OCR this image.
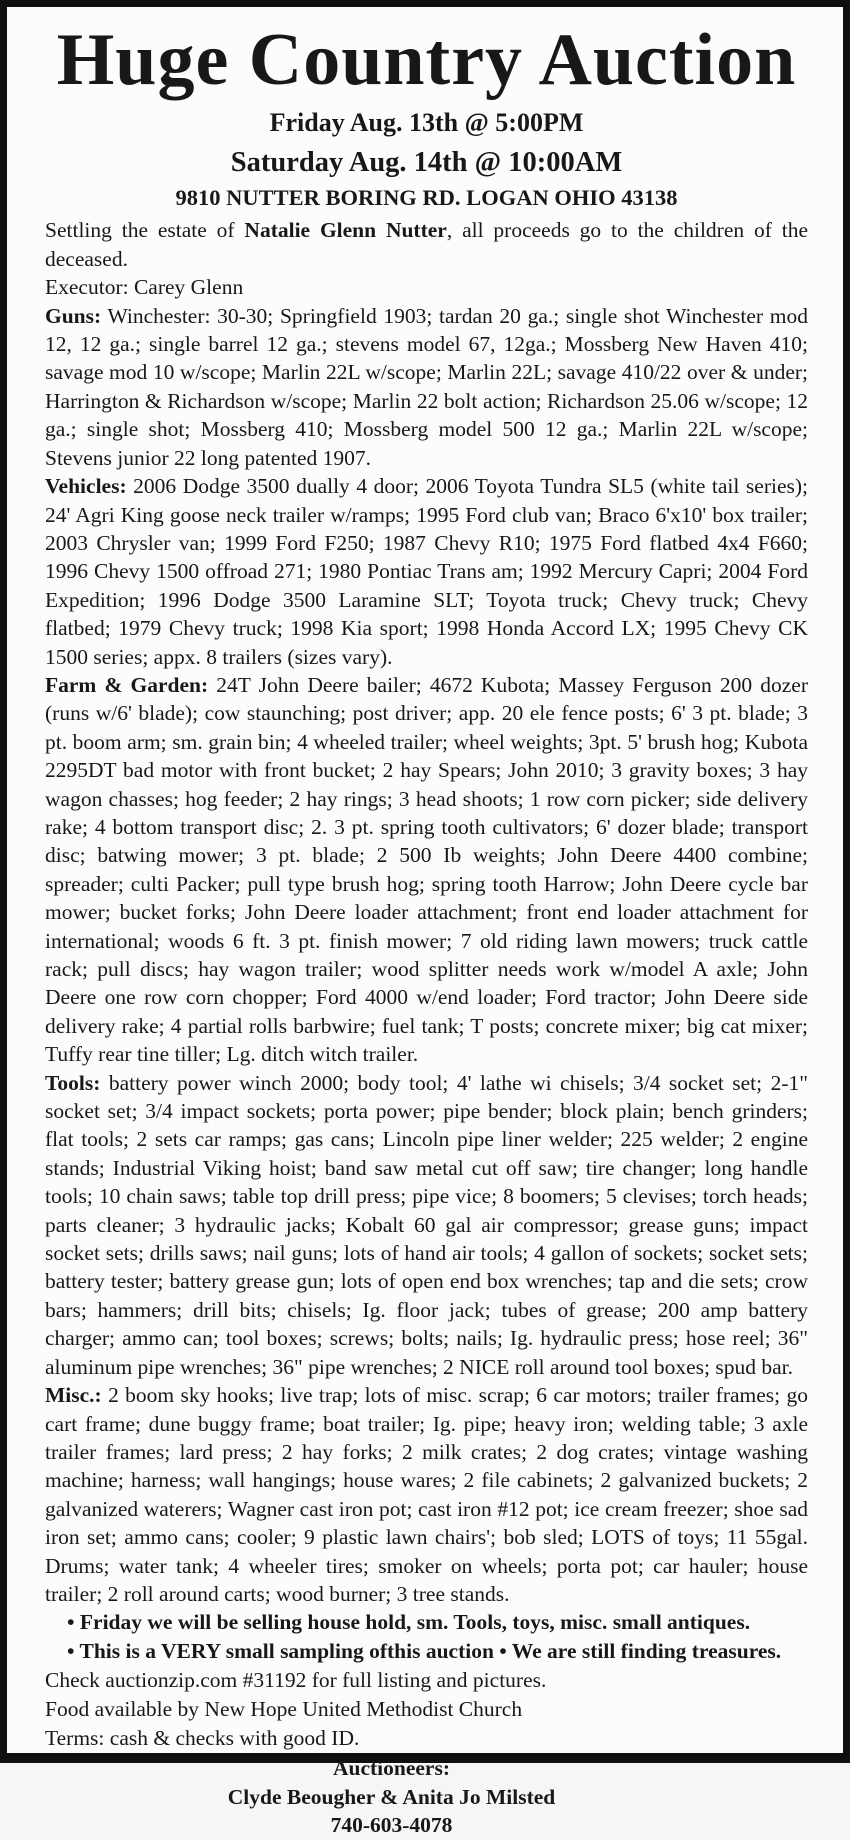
Huge Country Auction
Friday Aug. 13th @ 5:00PM
Saturday Aug. 14th @ 10:00AM
9810 NUTTER BORING RD. LOGAN OHIO 43138

Settling the estate of Natalie Glenn Nutter, all proceeds go to the children of the deceased.

Executor: Carey Glenn

Guns: Winchester: 30-30; Springfield 1903; tardan 20 ga.; single shot Winchester mod 12, 12 ga.; single barrel 12 ga.; stevens model 67, 12ga.; Mossberg New Haven 410; savage mod 10 w/scope; Marlin 22L w/scope; Marlin 22L; savage 410/22 over & under; Harrington & Richardson w/scope; Marlin 22 bolt action; Richardson 25.06 w/scope; 12 ga.; single shot; Mossberg 410; Mossberg model 500 12 ga.; Marlin 22L w/scope; Stevens junior 22 long patented 1907.

Vehicles: 2006 Dodge 3500 dually 4 door; 2006 Toyota Tundra SL5 (white tail series); 24' Agri King goose neck trailer w/ramps; 1995 Ford club van; Braco 6'x10' box trailer; 2003 Chrysler van; 1999 Ford F250; 1987 Chevy R10; 1975 Ford flatbed 4x4 F660; 1996 Chevy 1500 offroad 271; 1980 Pontiac Trans am; 1992 Mercury Capri; 2004 Ford Expedition; 1996 Dodge 3500 Laramine SLT; Toyota truck; Chevy truck; Chevy flatbed; 1979 Chevy truck; 1998 Kia sport; 1998 Honda Accord LX; 1995 Chevy CK 1500 series; appx. 8 trailers (sizes vary).

Farm & Garden: 24T John Deere bailer; 4672 Kubota; Massey Ferguson 200 dozer (runs w/6' blade); cow staunching; post driver; app. 20 ele fence posts; 6' 3 pt. blade; 3 pt. boom arm; sm. grain bin; 4 wheeled trailer; wheel weights; 3pt. 5' brush hog; Kubota 2295DT bad motor with front bucket; 2 hay Spears; John 2010; 3 gravity boxes; 3 hay wagon chasses; hog feeder; 2 hay rings; 3 head shoots; 1 row corn picker; side delivery rake; 4 bottom transport disc; 2. 3 pt. spring tooth cultivators; 6' dozer blade; transport disc; batwing mower; 3 pt. blade; 2 500 Ib weights; John Deere 4400 combine; spreader; culti Packer; pull type brush hog; spring tooth Harrow; John Deere cycle bar mower; bucket forks; John Deere loader attachment; front end loader attachment for international; woods 6 ft. 3 pt. finish mower; 7 old riding lawn mowers; truck cattle rack; pull discs; hay wagon trailer; wood splitter needs work w/model A axle; John Deere one row corn chopper; Ford 4000 w/end loader; Ford tractor; John Deere side delivery rake; 4 partial rolls barbwire; fuel tank; T posts; concrete mixer; big cat mixer; Tuffy rear tine tiller; Lg. ditch witch trailer.

Tools: battery power winch 2000; body tool; 4' lathe wi chisels; 3/4 socket set; 2-1" socket set; 3/4 impact sockets; porta power; pipe bender; block plain; bench grinders; flat tools; 2 sets car ramps; gas cans; Lincoln pipe liner welder; 225 welder; 2 engine stands; Industrial Viking hoist; band saw metal cut off saw; tire changer; long handle tools; 10 chain saws; table top drill press; pipe vice; 8 boomers; 5 clevises; torch heads; parts cleaner; 3 hydraulic jacks; Kobalt 60 gal air compressor; grease guns; impact socket sets; drills saws; nail guns; lots of hand air tools; 4 gallon of sockets; socket sets; battery tester; battery grease gun; lots of open end box wrenches; tap and die sets; crow bars; hammers; drill bits; chisels; Ig. floor jack; tubes of grease; 200 amp battery charger; ammo can; tool boxes; screws; bolts; nails; Ig. hydraulic press; hose reel; 36" aluminum pipe wrenches; 36" pipe wrenches; 2 NICE roll around tool boxes; spud bar.

Misc.: 2 boom sky hooks; live trap; lots of misc. scrap; 6 car motors; trailer frames; go cart frame; dune buggy frame; boat trailer; Ig. pipe; heavy iron; welding table; 3 axle trailer frames; lard press; 2 hay forks; 2 milk crates; 2 dog crates; vintage washing machine; harness; wall hangings; house wares; 2 file cabinets; 2 galvanized buckets; 2 galvanized waterers; Wagner cast iron pot; cast iron #12 pot; ice cream freezer; shoe sad iron set; ammo cans; cooler; 9 plastic lawn chairs'; bob sled; LOTS of toys; 11 55gal. Drums; water tank; 4 wheeler tires; smoker on wheels; porta pot; car hauler; house trailer; 2 roll around carts; wood burner; 3 tree stands.

• Friday we will be selling house hold, sm. Tools, toys, misc. small antiques.

• This is a VERY small sampling ofthis auction • We are still finding treasures.

Check auctionzip.com #31192 for full listing and pictures.

Food available by New Hope United Methodist Church

Terms: cash & checks with good ID.

Auctioneers:
Clyde Beougher & Anita Jo Milsted
740-603-4078
